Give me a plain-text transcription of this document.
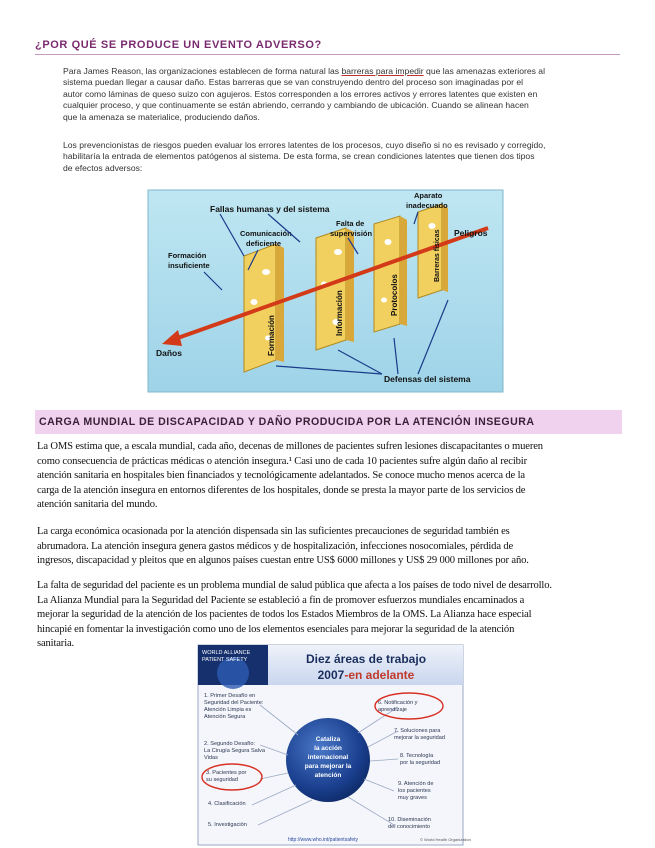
¿POR QUÉ SE PRODUCE UN EVENTO ADVERSO?
Para James Reason, las organizaciones establecen de forma natural las barreras para impedir que las amenazas exteriores al
sistema puedan llegar a causar daño. Estas barreras que se van construyendo dentro del proceso son imaginadas por el
autor como láminas de queso suizo con agujeros. Estos corresponden a los errores activos y errores latentes que existen en
cualquier proceso, y que continuamente se están abriendo, cerrando y cambiando de ubicación. Cuando se alinean hacen
que la amenaza se materialice, produciendo daños.
Los prevencionistas de riesgos pueden evaluar los errores latentes de los procesos, cuyo diseño si no es revisado y corregido,
habilitaría la entrada de elementos patógenos al sistema. De esta forma, se crean condiciones latentes que tienen dos tipos
de efectos adversos:
Fallas humanas y del sistema
Formación
insuficiente
Comunicación
deficiente
Falta de
supervisión
Aparato
inadecuado
Peligros
Daños
Defensas del sistema
Formación	Información	Protocolos
Barreras físicas
CARGA MUNDIAL DE DISCAPACIDAD Y DAÑO PRODUCIDA POR LA ATENCIÓN INSEGURA
La OMS estima que, a escala mundial, cada año, decenas de millones de pacientes sufren lesiones discapacitantes o mueren
como consecuencia de prácticas médicas o atención insegura.¹ Casi uno de cada 10 pacientes sufre algún daño al recibir
atención sanitaria en hospitales bien financiados y tecnológicamente adelantados. Se conoce mucho menos acerca de la
carga de la atención insegura en entornos diferentes de los hospitales, donde se presta la mayor parte de los servicios de
atención sanitaria del mundo.
La carga económica ocasionada por la atención dispensada sin las suficientes precauciones de seguridad también es
abrumadora. La atención insegura genera gastos médicos y de hospitalización, infecciones nosocomiales, pérdida de
ingresos, discapacidad y pleitos que en algunos países cuestan entre US$ 6000 millones y US$ 29 000 millones por año.
La falta de seguridad del paciente es un problema mundial de salud pública que afecta a los países de todo nivel de desarrollo.
La Alianza Mundial para la Seguridad del Paciente se estableció a fin de promover esfuerzos mundiales encaminados a
mejorar la seguridad de la atención de los pacientes de todos los Estados Miembros de la OMS. La Alianza hace especial
hincapié en fomentar la investigación como uno de los elementos esenciales para mejorar la seguridad de la atención
sanitaria.
WORLD ALLIANCE
PATIENT SAFETY	Diez áreas de trabajo
2007-en adelante
Cataliza
la acción
internacional
para mejorar la
atención
1. Primer Desafío en
Seguridad del Paciente:
Atención Limpia es
Atención Segura
2. Segundo Desafío:
La Cirugía Segura Salva
Vidas
3. Pacientes por
su seguridad
4. Clasificación
5. Investigación
6. Notificación y
aprendizaje
7. Soluciones para
mejorar la seguridad
8. Tecnología
por la seguridad
9. Atención de
los pacientes
muy graves
10. Diseminación
del conocimiento
http://www.who.int/patientsafety	© World Health Organization
